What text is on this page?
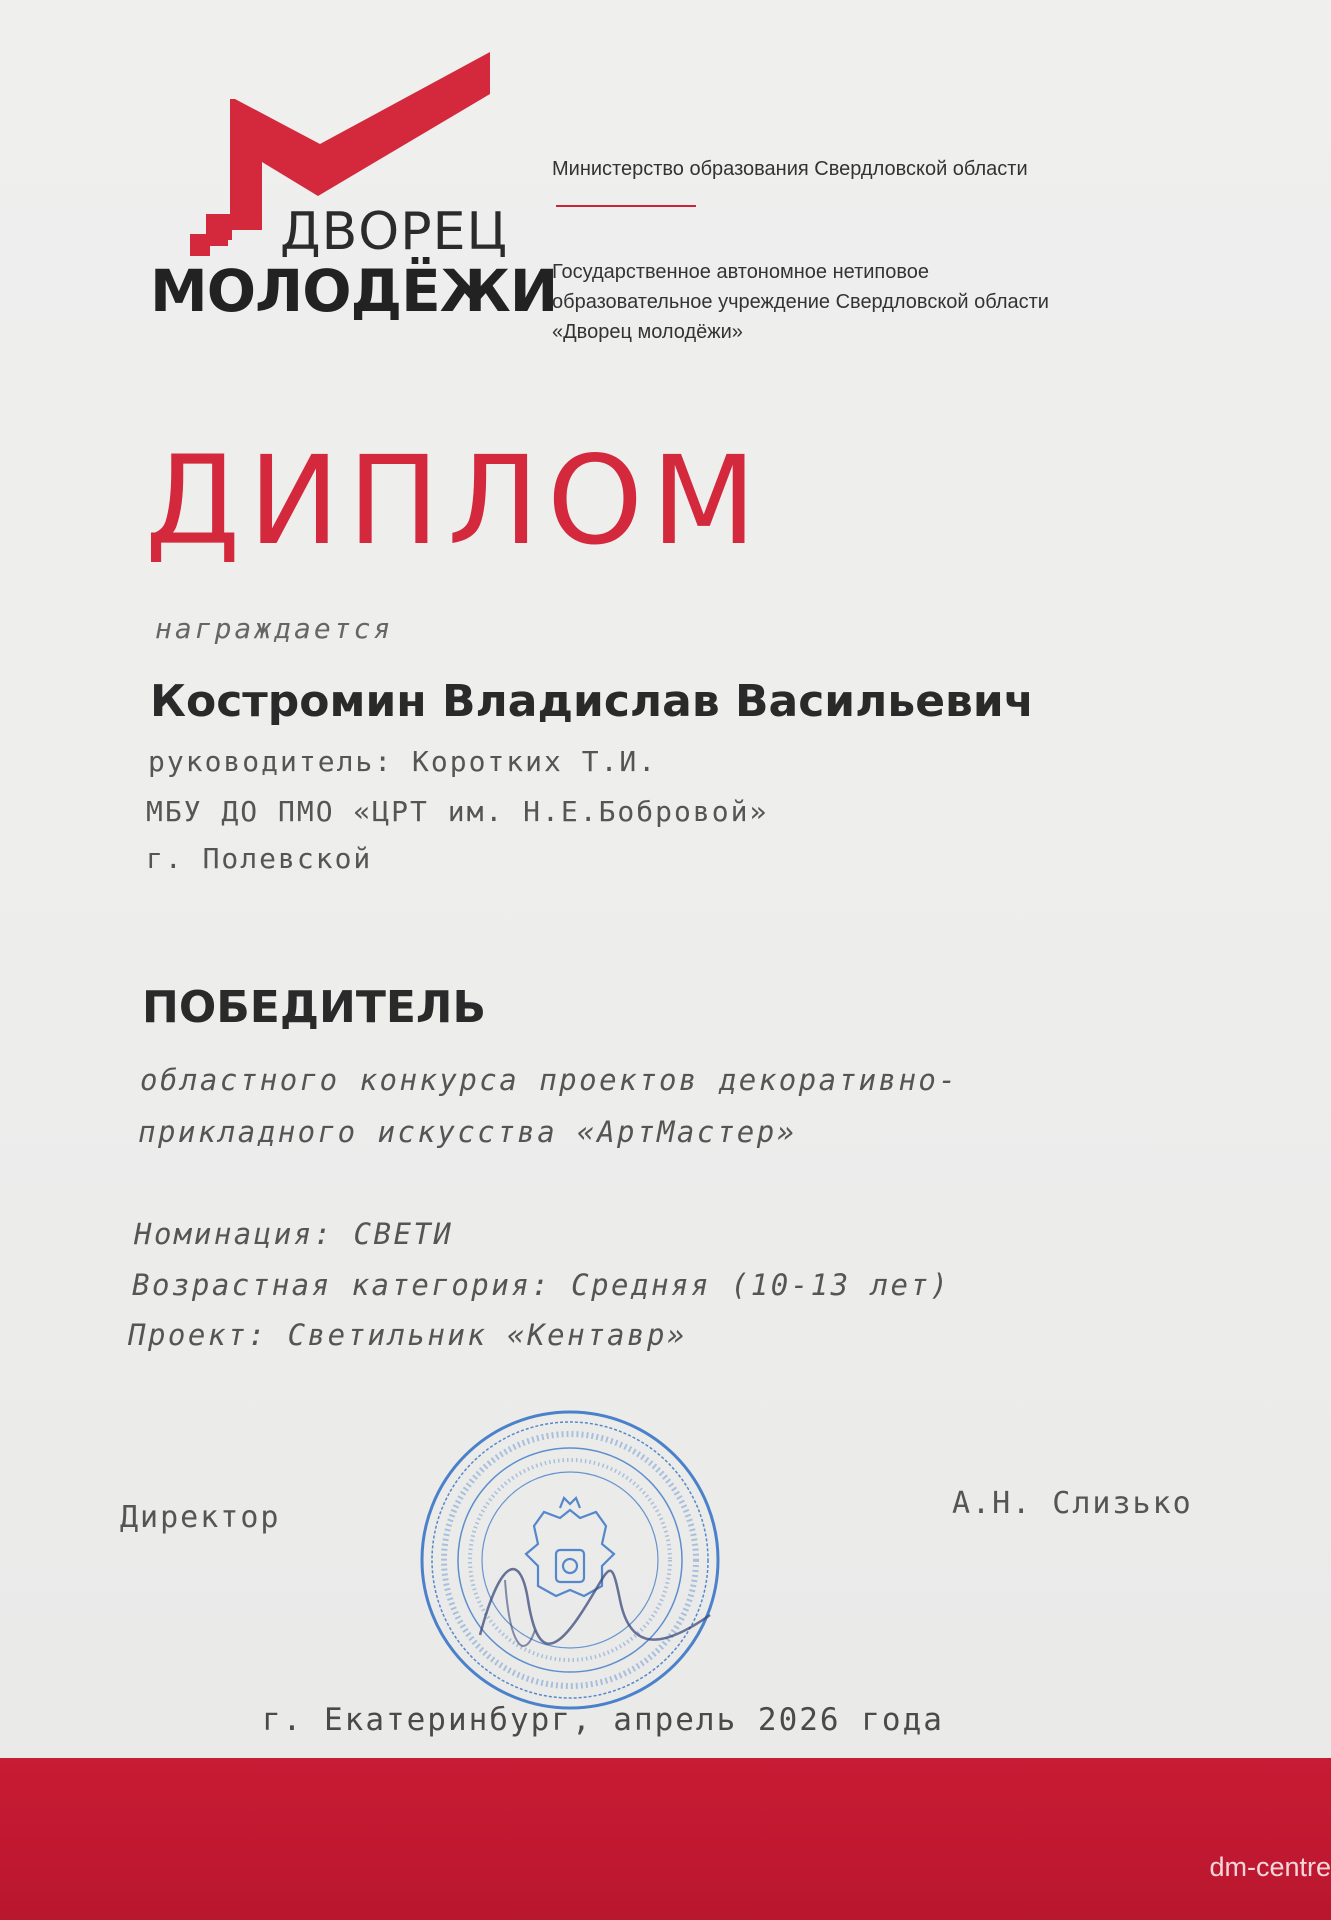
ДВОРЕЦ
МОЛОДЁЖИ
Министерство образования Свердловской области
Государственное автономное нетиповое
образовательное учреждение Свердловской области
«Дворец молодёжи»
ДИПЛОМ
награждается
Костромин Владислав Васильевич
руководитель: Коротких Т.И.
МБУ ДО ПМО «ЦРТ им. Н.Е.Бобровой»
г. Полевской
ПОБЕДИТЕЛЬ
областного конкурса проектов декоративно-
прикладного искусства «АртМастер»
Номинация: СВЕТИ
Возрастная категория: Средняя (10-13 лет)
Проект: Светильник «Кентавр»
Директор	А.Н. Слизько
г. Екатеринбург, апрель 2026 года
dm-centre
